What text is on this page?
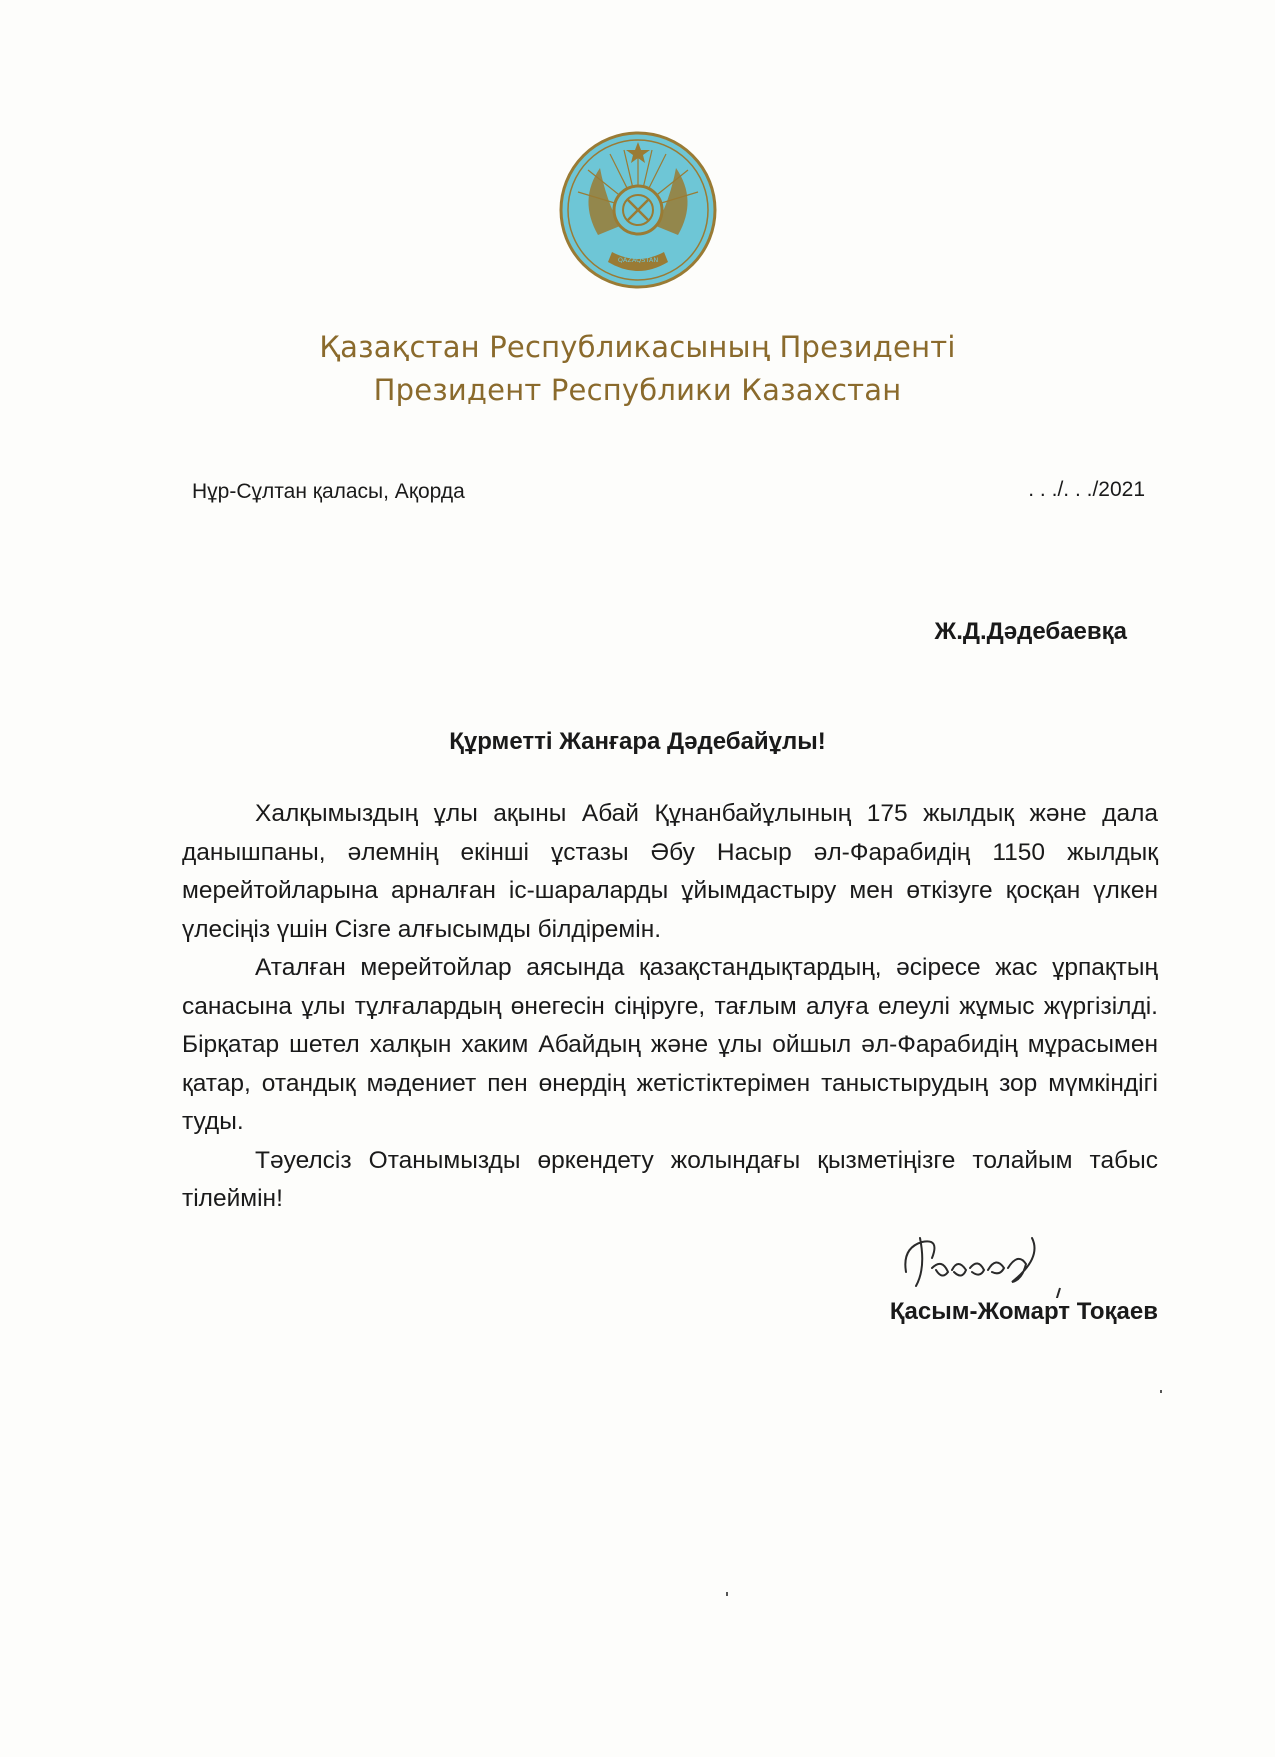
QAZAQSTAN
Қазақстан Республикасының Президенті
Президент Республики Казахстан
Нұр-Сұлтан қаласы, Ақорда	. . ./. . ./2021
Ж.Д.Дәдебаевқа
Құрметті Жанғара Дәдебайұлы!

Халқымыздың ұлы ақыны Абай Құнанбайұлының 175 жылдық және дала данышпаны, әлемнің екінші ұстазы Әбу Насыр әл-Фарабидің 1150 жылдық мерейтойларына арналған іс-шараларды ұйымдастыру мен өткізуге қосқан үлкен үлесіңіз үшін Сізге алғысымды білдіремін.

Аталған мерейтойлар аясында қазақстандықтардың, әсіресе жас ұрпақтың санасына ұлы тұлғалардың өнегесін сіңіруге, тағлым алуға елеулі жұмыс жүргізілді. Бірқатар шетел халқын хаким Абайдың және ұлы ойшыл әл-Фарабидің мұрасымен қатар, отандық мәдениет пен өнердің жетістіктерімен таныстырудың зор мүмкіндігі туды.

Тәуелсіз Отанымызды өркендету жолындағы қызметіңізге толайым табыс тілеймін!

Қасым-Жомарт Тоқаев
